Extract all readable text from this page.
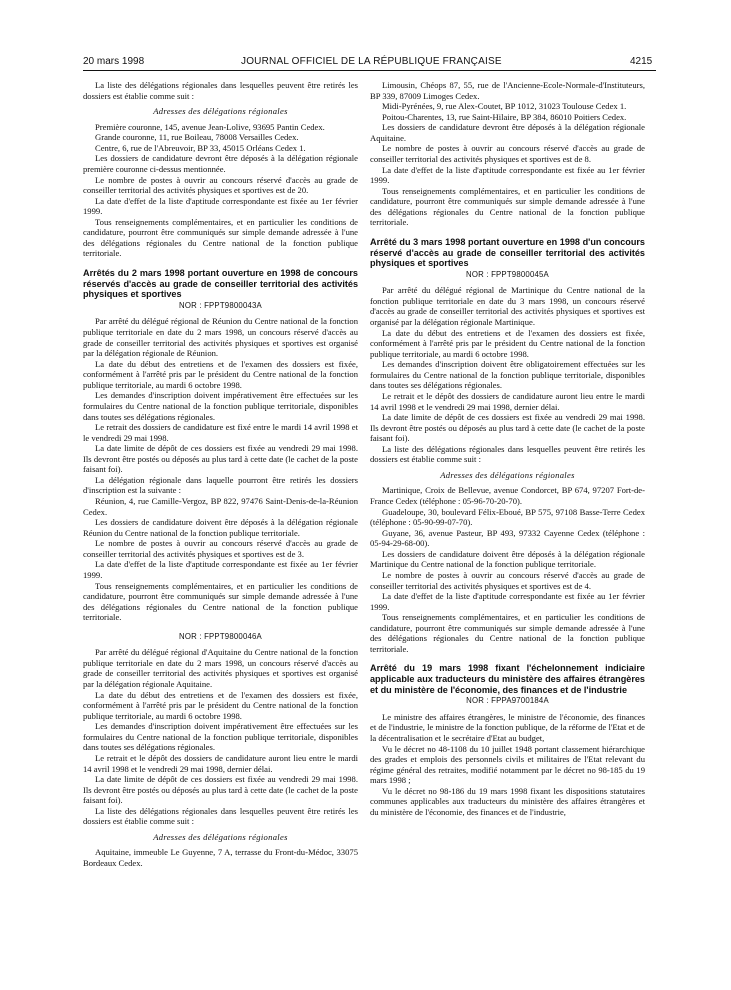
20 mars 1998	JOURNAL OFFICIEL DE LA RÉPUBLIQUE FRANÇAISE	4215

La liste des délégations régionales dans lesquelles peuvent être retirés les dossiers est établie comme suit :

Adresses des délégations régionales

Première couronne, 145, avenue Jean-Lolive, 93695 Pantin Cedex.

Grande couronne, 11, rue Boileau, 78008 Versailles Cedex.

Centre, 6, rue de l'Abreuvoir, BP 33, 45015 Orléans Cedex 1.

Les dossiers de candidature devront être déposés à la délégation régionale première couronne ci-dessus mentionnée.

Le nombre de postes à ouvrir au concours réservé d'accès au grade de conseiller territorial des activités physiques et sportives est de 20.

La date d'effet de la liste d'aptitude correspondante est fixée au 1er février 1999.

Tous renseignements complémentaires, et en particulier les conditions de candidature, pourront être communiqués sur simple demande adressée à l'une des délégations régionales du Centre national de la fonction publique territoriale.

Arrêtés du 2 mars 1998 portant ouverture en 1998 de concours réservés d'accès au grade de conseiller territorial des activités physiques et sportives
NOR : FPPT9800043A

Par arrêté du délégué régional de Réunion du Centre national de la fonction publique territoriale en date du 2 mars 1998, un concours réservé d'accès au grade de conseiller territorial des activités physiques et sportives est organisé par la délégation régionale de Réunion.

La date du début des entretiens et de l'examen des dossiers est fixée, conformément à l'arrêté pris par le président du Centre national de la fonction publique territoriale, au mardi 6 octobre 1998.

Les demandes d'inscription doivent impérativement être effectuées sur les formulaires du Centre national de la fonction publique territoriale, disponibles dans toutes ses délégations régionales.

Le retrait des dossiers de candidature est fixé entre le mardi 14 avril 1998 et le vendredi 29 mai 1998.

La date limite de dépôt de ces dossiers est fixée au vendredi 29 mai 1998. Ils devront être postés ou déposés au plus tard à cette date (le cachet de la poste faisant foi).

La délégation régionale dans laquelle pourront être retirés les dossiers d'inscription est la suivante :

Réunion, 4, rue Camille-Vergoz, BP 822, 97476 Saint-Denis-de-la-Réunion Cedex.

Les dossiers de candidature doivent être déposés à la délégation régionale Réunion du Centre national de la fonction publique territoriale.

Le nombre de postes à ouvrir au concours réservé d'accès au grade de conseiller territorial des activités physiques et sportives est de 3.

La date d'effet de la liste d'aptitude correspondante est fixée au 1er février 1999.

Tous renseignements complémentaires, et en particulier les conditions de candidature, pourront être communiqués sur simple demande adressée à l'une des délégations régionales du Centre national de la fonction publique territoriale.

NOR : FPPT9800046A

Par arrêté du délégué régional d'Aquitaine du Centre national de la fonction publique territoriale en date du 2 mars 1998, un concours réservé d'accès au grade de conseiller territorial des activités physiques et sportives est organisé par la délégation régionale Aquitaine.

La date du début des entretiens et de l'examen des dossiers est fixée, conformément à l'arrêté pris par le président du Centre national de la fonction publique territoriale, au mardi 6 octobre 1998.

Les demandes d'inscription doivent impérativement être effectuées sur les formulaires du Centre national de la fonction publique territoriale, disponibles dans toutes ses délégations régionales.

Le retrait et le dépôt des dossiers de candidature auront lieu entre le mardi 14 avril 1998 et le vendredi 29 mai 1998, dernier délai.

La date limite de dépôt de ces dossiers est fixée au vendredi 29 mai 1998. Ils devront être postés ou déposés au plus tard à cette date (le cachet de la poste faisant foi).

La liste des délégations régionales dans lesquelles peuvent être retirés les dossiers est établie comme suit :

Adresses des délégations régionales

Aquitaine, immeuble Le Guyenne, 7 A, terrasse du Front-du-Médoc, 33075 Bordeaux Cedex.

Limousin, Chéops 87, 55, rue de l'Ancienne-Ecole-Normale-d'Instituteurs, BP 339, 87009 Limoges Cedex.

Midi-Pyrénées, 9, rue Alex-Coutet, BP 1012, 31023 Toulouse Cedex 1.

Poitou-Charentes, 13, rue Saint-Hilaire, BP 384, 86010 Poitiers Cedex.

Les dossiers de candidature devront être déposés à la délégation régionale Aquitaine.

Le nombre de postes à ouvrir au concours réservé d'accès au grade de conseiller territorial des activités physiques et sportives est de 8.

La date d'effet de la liste d'aptitude correspondante est fixée au 1er février 1999.

Tous renseignements complémentaires, et en particulier les conditions de candidature, pourront être communiqués sur simple demande adressée à l'une des délégations régionales du Centre national de la fonction publique territoriale.

Arrêté du 3 mars 1998 portant ouverture en 1998 d'un concours réservé d'accès au grade de conseiller territorial des activités physiques et sportives
NOR : FPPT9800045A

Par arrêté du délégué régional de Martinique du Centre national de la fonction publique territoriale en date du 3 mars 1998, un concours réservé d'accès au grade de conseiller territorial des activités physiques et sportives est organisé par la délégation régionale Martinique.

La date du début des entretiens et de l'examen des dossiers est fixée, conformément à l'arrêté pris par le président du Centre national de la fonction publique territoriale, au mardi 6 octobre 1998.

Les demandes d'inscription doivent être obligatoirement effectuées sur les formulaires du Centre national de la fonction publique territoriale, disponibles dans toutes ses délégations régionales.

Le retrait et le dépôt des dossiers de candidature auront lieu entre le mardi 14 avril 1998 et le vendredi 29 mai 1998, dernier délai.

La date limite de dépôt de ces dossiers est fixée au vendredi 29 mai 1998. Ils devront être postés ou déposés au plus tard à cette date (le cachet de la poste faisant foi).

La liste des délégations régionales dans lesquelles peuvent être retirés les dossiers est établie comme suit :

Adresses des délégations régionales

Martinique, Croix de Bellevue, avenue Condorcet, BP 674, 97207 Fort-de-France Cedex (téléphone : 05-96-70-20-70).

Guadeloupe, 30, boulevard Félix-Eboué, BP 575, 97108 Basse-Terre Cedex (téléphone : 05-90-99-07-70).

Guyane, 36, avenue Pasteur, BP 493, 97332 Cayenne Cedex (téléphone : 05-94-29-68-00).

Les dossiers de candidature doivent être déposés à la délégation régionale Martinique du Centre national de la fonction publique territoriale.

Le nombre de postes à ouvrir au concours réservé d'accès au grade de conseiller territorial des activités physiques et sportives est de 4.

La date d'effet de la liste d'aptitude correspondante est fixée au 1er février 1999.

Tous renseignements complémentaires, et en particulier les conditions de candidature, pourront être communiqués sur simple demande adressée à l'une des délégations régionales du Centre national de la fonction publique territoriale.

Arrêté du 19 mars 1998 fixant l'échelonnement indiciaire applicable aux traducteurs du ministère des affaires étrangères et du ministère de l'économie, des finances et de l'industrie
NOR : FPPA9700184A

Le ministre des affaires étrangères, le ministre de l'économie, des finances et de l'industrie, le ministre de la fonction publique, de la réforme de l'Etat et de la décentralisation et le secrétaire d'Etat au budget,

Vu le décret no 48-1108 du 10 juillet 1948 portant classement hiérarchique des grades et emplois des personnels civils et militaires de l'Etat relevant du régime général des retraites, modifié notamment par le décret no 98-185 du 19 mars 1998 ;

Vu le décret no 98-186 du 19 mars 1998 fixant les dispositions statutaires communes applicables aux traducteurs du ministère des affaires étrangères et du ministère de l'économie, des finances et de l'industrie,
